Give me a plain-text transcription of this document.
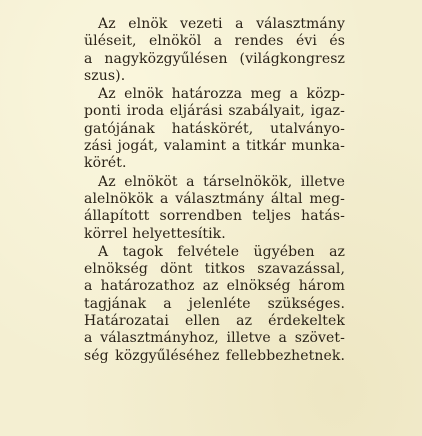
Az elnök vezeti a választmány
üléseit, elnököl a rendes évi és
a nagyközgyűlésen (világkongresz
szus).

Az elnök határozza meg a közp-
ponti iroda eljárási szabályait, igaz-
gatójának hatáskörét, utalványo-
zási jogát, valamint a titkár munka-
körét.

Az elnököt a társelnökök, illetve
alelnökök a választmány által meg-
állapított sorrendben teljes hatás-
körrel helyettesítik.

A tagok felvétele ügyében az
elnökség dönt titkos szavazással,
a határozathoz az elnökség három
tagjának a jelenléte szükséges.
Határozatai ellen az érdekeltek
a választmányhoz, illetve a szövet-
ség közgyűléséhez fellebbezhetnek.
